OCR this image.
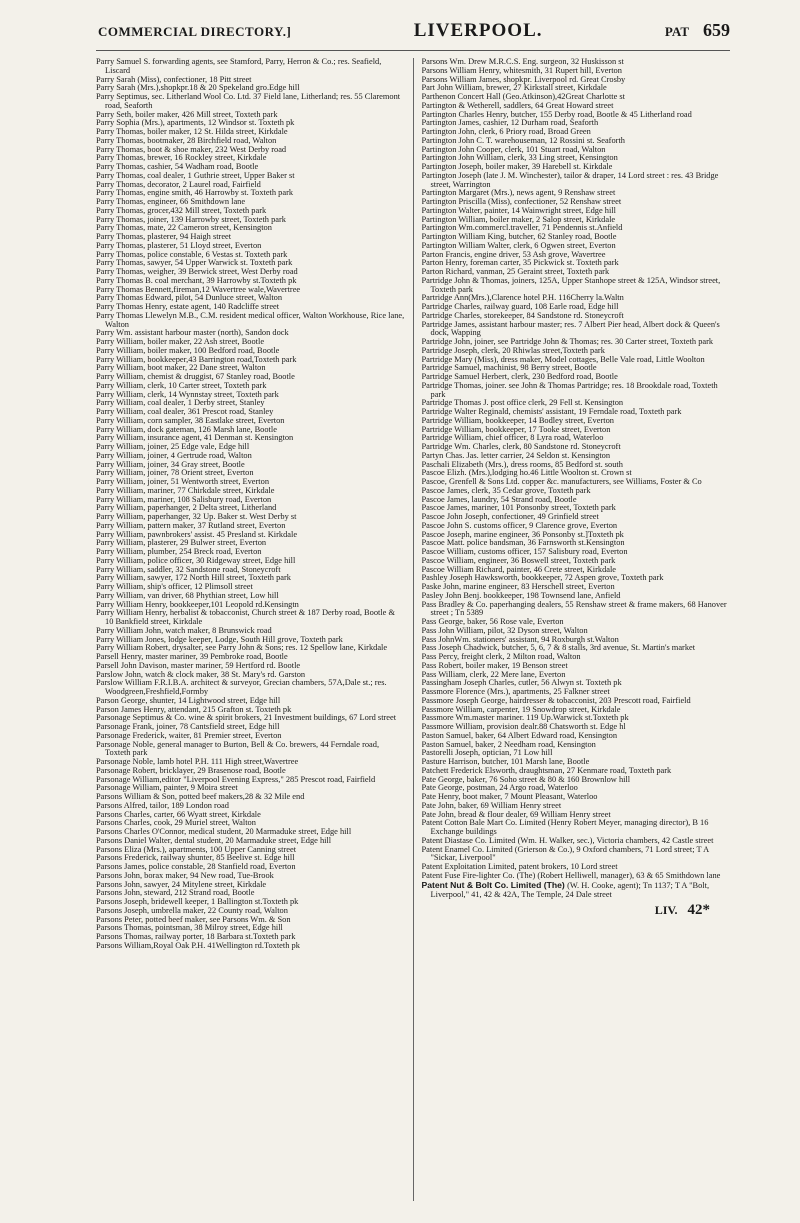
COMMERCIAL DIRECTORY.]	LIVERPOOL.	PAT 659
Parry Samuel S. forwarding agents, see Stamford, Parry, Herron & Co.; res. Seafield, Liscard
Parry Sarah (Miss), confectioner, 18 Pitt street
Parry Sarah (Mrs.),shopkpr.18 & 20 Spekeland gro.Edge hill
Parry Septimus, sec. Litherland Wool Co. Ltd. 37 Field lane, Litherland; res. 55 Claremont road, Seaforth
Parry Seth, boiler maker, 426 Mill street, Toxteth park
Parry Sophia (Mrs.), apartments, 12 Windsor st. Toxteth pk
Parry Thomas, boiler maker, 12 St. Hilda street, Kirkdale
Parry Thomas, bootmaker, 28 Birchfield road, Walton
Parry Thomas, boot & shoe maker, 232 West Derby road
Parry Thomas, brewer, 16 Rockley street, Kirkdale
Parry Thomas, cashier, 54 Wadham road, Bootle
Parry Thomas, coal dealer, 1 Guthrie street, Upper Baker st
Parry Thomas, decorator, 2 Laurel road, Fairfield
Parry Thomas, engine smith, 46 Harrowby st. Toxteth park
Parry Thomas, engineer, 66 Smithdown lane
Parry Thomas, grocer,432 Mill street, Toxteth park
Parry Thomas, joiner, 139 Harrowby street, Toxteth park
Parry Thomas, mate, 22 Cameron street, Kensington
Parry Thomas, plasterer, 94 Haigh street
Parry Thomas, plasterer, 51 Lloyd street, Everton
Parry Thomas, police constable, 6 Vestas st. Toxteth park
Parry Thomas, sawyer, 54 Upper Warwick st. Toxteth park
Parry Thomas, weigher, 39 Berwick street, West Derby road
Parry Thomas B. coal merchant, 39 Harrowby st.Toxteth pk
Parry Thomas Bennett,fireman,12 Wavertree wale,Wavertree
Parry Thomas Edward, pilot, 54 Dunluce street, Walton
Parry Thomas Henry, estate agent, 140 Radcliffe street
Parry Thomas Llewelyn M.B., C.M. resident medical officer, Walton Workhouse, Rice lane, Walton
Parry Wm. assistant harbour master (north), Sandon dock
Parry William, boiler maker, 22 Ash street, Bootle
Parry William, boiler maker, 100 Bedford road, Bootle
Parry William, bookkeeper,43 Barrington road,Toxteth park
Parry William, boot maker, 22 Dane street, Walton
Parry William, chemist & druggist, 67 Stanley road, Bootle
Parry William, clerk, 10 Carter street, Toxteth park
Parry William, clerk, 14 Wynnstay street, Toxteth park
Parry William, coal dealer, 1 Derby street, Stanley
Parry William, coal dealer, 361 Prescot road, Stanley
Parry William, corn sampler, 38 Eastlake street, Everton
Parry William, dock gateman, 126 Marsh lane, Bootle
Parry William, insurance agent, 41 Denman st. Kensington
Parry William, joiner, 25 Edge vale, Edge hill
Parry William, joiner, 4 Gertrude road, Walton
Parry William, joiner, 34 Gray street, Bootle
Parry William, joiner, 78 Orient street, Everton
Parry William, joiner, 51 Wentworth street, Everton
Parry William, mariner, 77 Chirkdale street, Kirkdale
Parry William, mariner, 108 Salisbury road, Everton
Parry William, paperhanger, 2 Delta street, Litherland
Parry William, paperhanger, 32 Up. Baker st. West Derby st
Parry William, pattern maker, 37 Rutland street, Everton
Parry William, pawnbrokers' assist. 45 Presland st. Kirkdale
Parry William, plasterer, 29 Bulwer street, Everton
Parry William, plumber, 254 Breck road, Everton
Parry William, police officer, 30 Ridgeway street, Edge hill
Parry William, saddler, 32 Sandstone road, Stoneycroft
Parry William, sawyer, 172 North Hill street, Toxteth park
Parry William, ship's officer, 12 Plimsoll street
Parry William, van driver, 68 Phythian street, Low hill
Parry William Henry, bookkeeper,101 Leopold rd.Kensingtn
Parry William Henry, herbalist & tobacconist, Church street & 187 Derby road, Bootle & 10 Bankfield street, Kirkdale
Parry William John, watch maker, 8 Brunswick road
Parry William Jones, lodge keeper, Lodge, South Hill grove, Toxteth park
Parry William Robert, drysalter, see Parry John & Sons; res. 12 Spellow lane, Kirkdale
Parsell Henry, master mariner, 39 Pembroke road, Bootle
Parsell John Davison, master mariner, 59 Hertford rd. Bootle
Parslow John, watch & clock maker, 38 St. Mary's rd. Garston
Parslow William F.R.I.B.A. architect & surveyor, Grecian chambers, 57A,Dale st.; res. Woodgreen,Freshfield,Formby
Parson George, shunter, 14 Lightwood street, Edge hill
Parson James Henry, attendant, 215 Grafton st. Toxteth pk
Parsonage Septimus & Co. wine & spirit brokers, 21 Investment buildings, 67 Lord street
Parsonage Frank, joiner, 78 Cantsfield street, Edge hill
Parsonage Frederick, waiter, 81 Premier street, Everton
Parsonage Noble, general manager to Burton, Bell & Co. brewers, 44 Ferndale road, Toxteth park
Parsonage Noble, lamb hotel P.H. 111 High street,Wavertree
Parsonage Robert, bricklayer, 29 Brasenose road, Bootle
Parsonage William,editor "Liverpool Evening Express," 285 Prescot road, Fairfield
Parsonage William, painter, 9 Moira street
Parsons William & Son, potted beef makers,28 & 32 Mile end
Parsons Alfred, tailor, 189 London road
Parsons Charles, carter, 66 Wyatt street, Kirkdale
Parsons Charles, cook, 29 Muriel street, Walton
Parsons Charles O'Connor, medical student, 20 Marmaduke street, Edge hill
Parsons Daniel Walter, dental student, 20 Marmaduke street, Edge hill
Parsons Eliza (Mrs.), apartments, 100 Upper Canning street
Parsons Frederick, railway shunter, 85 Beelive st. Edge hill
Parsons James, police constable, 28 Stanfield road, Everton
Parsons John, borax maker, 94 New road, Tue-Brook
Parsons John, sawyer, 24 Mitylene street, Kirkdale
Parsons John, steward, 212 Strand road, Bootle
Parsons Joseph, bridewell keeper, 1 Ballington st.Toxteth pk
Parsons Joseph, umbrella maker, 22 County road, Walton
Parsons Peter, potted beef maker, see Parsons Wm. & Son
Parsons Thomas, pointsman, 38 Milroy street, Edge hill
Parsons Thomas, railway porter, 18 Barbara st.Toxteth park
Parsons William,Royal Oak P.H. 41Wellington rd.Toxteth pk
Parsons Wm. Drew M.R.C.S. Eng. surgeon, 32 Huskisson st
Parsons William Henry, whitesmith, 31 Rupert hill, Everton
Parsons William James, shopkpr. Liverpool rd. Great Crosby
Part John William, brewer, 27 Kirkstall street, Kirkdale
Parthenon Concert Hall (Geo.Atkinson),42Great Charlotte st
Partington & Wetherell, saddlers, 64 Great Howard street
Partington Charles Henry, butcher, 155 Derby road, Bootle & 45 Litherland road
Partington James, cashier, 12 Durham road, Seaforth
Partington John, clerk, 6 Priory road, Broad Green
Partington John C. T. warehouseman, 12 Rossini st. Seaforth
Partington John Cooper, clerk, 101 Stuart road, Walton
Partington John William, clerk, 33 Ling street, Kensington
Partington Joseph, boiler maker, 39 Harebell st. Kirkdale
Partington Joseph (late J. M. Winchester), tailor & draper, 14 Lord street : res. 43 Bridge street, Warrington
Partington Margaret (Mrs.), news agent, 9 Renshaw street
Partington Priscilla (Miss), confectioner, 52 Renshaw street
Partington Walter, painter, 14 Wainwright street, Edge hill
Partington William, boiler maker, 2 Salop street, Kirkdale
Partington Wm.commercl.traveller, 71 Pendennis st.Anfield
Partington William King, butcher, 62 Stanley road, Bootle
Partington William Walter, clerk, 6 Ogwen street, Everton
Parton Francis, engine driver, 53 Ash grove, Wavertree
Parton Henry, foreman carter, 35 Pickwick st. Toxteth park
Parton Richard, vanman, 25 Geraint street, Toxteth park
Partridge John & Thomas, joiners, 125A, Upper Stanhope street & 125A, Windsor street, Toxteth park
Partridge Ann(Mrs.),Clarence hotel P.H. 116Cherry la.Waltn
Partridge Charles, railway guard, 108 Earle road, Edge hill
Partridge Charles, storekeeper, 84 Sandstone rd. Stoneycroft
Partridge James, assistant harbour master; res. 7 Albert Pier head, Albert dock & Queen's dock, Wapping
Partridge John, joiner, see Partridge John & Thomas; res. 30 Carter street, Toxteth park
Partridge Joseph, clerk, 20 Rhiwlas street,Toxteth park
Partridge Mary (Miss), dress maker, Model cottages, Belle Vale road, Little Woolton
Partridge Samuel, machinist, 98 Berry street, Bootle
Partridge Samuel Herbert, clerk, 230 Bedford road, Bootle
Partridge Thomas, joiner. see John & Thomas Partridge; res. 18 Brookdale road, Toxteth park
Partridge Thomas J. post office clerk, 29 Fell st. Kensington
Partridge Walter Reginald, chemists' assistant, 19 Ferndale road, Toxteth park
Partridge William, bookkeeper, 14 Bodley street, Everton
Partridge William, bookkeeper, 17 Tooke street, Everton
Partridge William, chief officer, 8 Lyra road, Waterloo
Partridge Wm. Charles, clerk, 80 Sandstone rd. Stoneycroft
Partyn Chas. Jas. letter carrier, 24 Seldon st. Kensington
Paschali Elizabeth (Mrs.), dress rooms, 85 Bedford st. south
Pascoe Elizh. (Mrs.),lodging ho.46 Little Woolton st. Crown st
Pascoe, Grenfell & Sons Ltd. copper &c. manufacturers, see Williams, Foster & Co
Pascoe James, clerk, 35 Cedar grove, Toxteth park
Pascoe James, laundry, 54 Strand road, Bootle
Pascoe James, mariner, 101 Ponsonby street, Toxteth park
Pascoe John Joseph, confectioner, 49 Grinfield street
Pascoe John S. customs officer, 9 Clarence grove, Everton
Pascoe Joseph, marine engineer, 36 Ponsonby st.]Toxteth pk
Pascoe Matt. police bandsman, 36 Farnsworth st.Kensington
Pascoe William, customs officer, 157 Salisbury road, Everton
Pascoe William, engineer, 36 Boswell street, Toxteth park
Pascoe William Richard, painter, 46 Crete street, Kirkdale
Pashley Joseph Hawksworth, bookkeeper, 72 Aspen grove, Toxteth park
Paske John, marine engineer, 83 Herschell street, Everton
Pasley John Benj. bookkeeper, 198 Townsend lane, Anfield
Pass Bradley & Co. paperhanging dealers, 55 Renshaw street & frame makers, 68 Hanover street ; Tn 5389
Pass George, baker, 56 Rose vale, Everton
Pass John William, pilot, 32 Dyson street, Walton
Pass JohnWm. stationers' assistant, 94 Roxburgh st.Walton
Pass Joseph Chadwick, butcher, 5, 6, 7 & 8 stalls, 3rd avenue, St. Martin's market
Pass Percy, freight clerk, 2 Milton road, Walton
Pass Robert, boiler maker, 19 Benson street
Pass William, clerk, 22 Mere lane, Everton
Passingham Joseph Charles, cutler, 56 Alwyn st. Toxteth pk
Passmore Florence (Mrs.), apartments, 25 Falkner street
Passmore Joseph George, hairdresser & tobacconist, 203 Prescott road, Fairfield
Passmore William, carpenter, 19 Snowdrop street, Kirkdale
Passmore Wm.master mariner. 119 Up.Warwick st.Toxteth pk
Passmore William, provision dealr.88 Chatsworth st. Edge hl
Paston Samuel, baker, 64 Albert Edward road, Kensington
Paston Samuel, baker, 2 Needham road, Kensington
Pastorelli Joseph, optician, 71 Low hill
Pasture Harrison, butcher, 101 Marsh lane, Bootle
Patchett Frederick Elsworth, draughtsman, 27 Kenmare road, Toxteth park
Pate George, baker, 76 Soho street & 80 & 160 Brownlow hill
Pate George, postman, 24 Argo road, Waterloo
Pate Henry, boot maker, 7 Mount Pleasant, Waterloo
Pate John, baker, 69 William Henry street
Pate John, bread & flour dealer, 69 William Henry street
Patent Cotton Bale Mart Co. Limited (Henry Robert Meyer, managing director), B 16 Exchange buildings
Patent Diastase Co. Limited (Wm. H. Walker, sec.), Victoria chambers, 42 Castle street
Patent Enamel Co. Limited (Grierson & Co.), 9 Oxford chambers, 71 Lord street; T A "Sickar, Liverpool"
Patent Exploitation Limited, patent brokers, 10 Lord street
Patent Fuse Fire-lighter Co. (The) (Robert Helliwell, manager), 63 & 65 Smithdown lane
Patent Nut & Bolt Co. Limited (The) (W. H. Cooke, agent); Tn 1137; T A "Bolt, Liverpool," 41, 42 & 42A, The Temple, 24 Dale street
LIV. 42*
